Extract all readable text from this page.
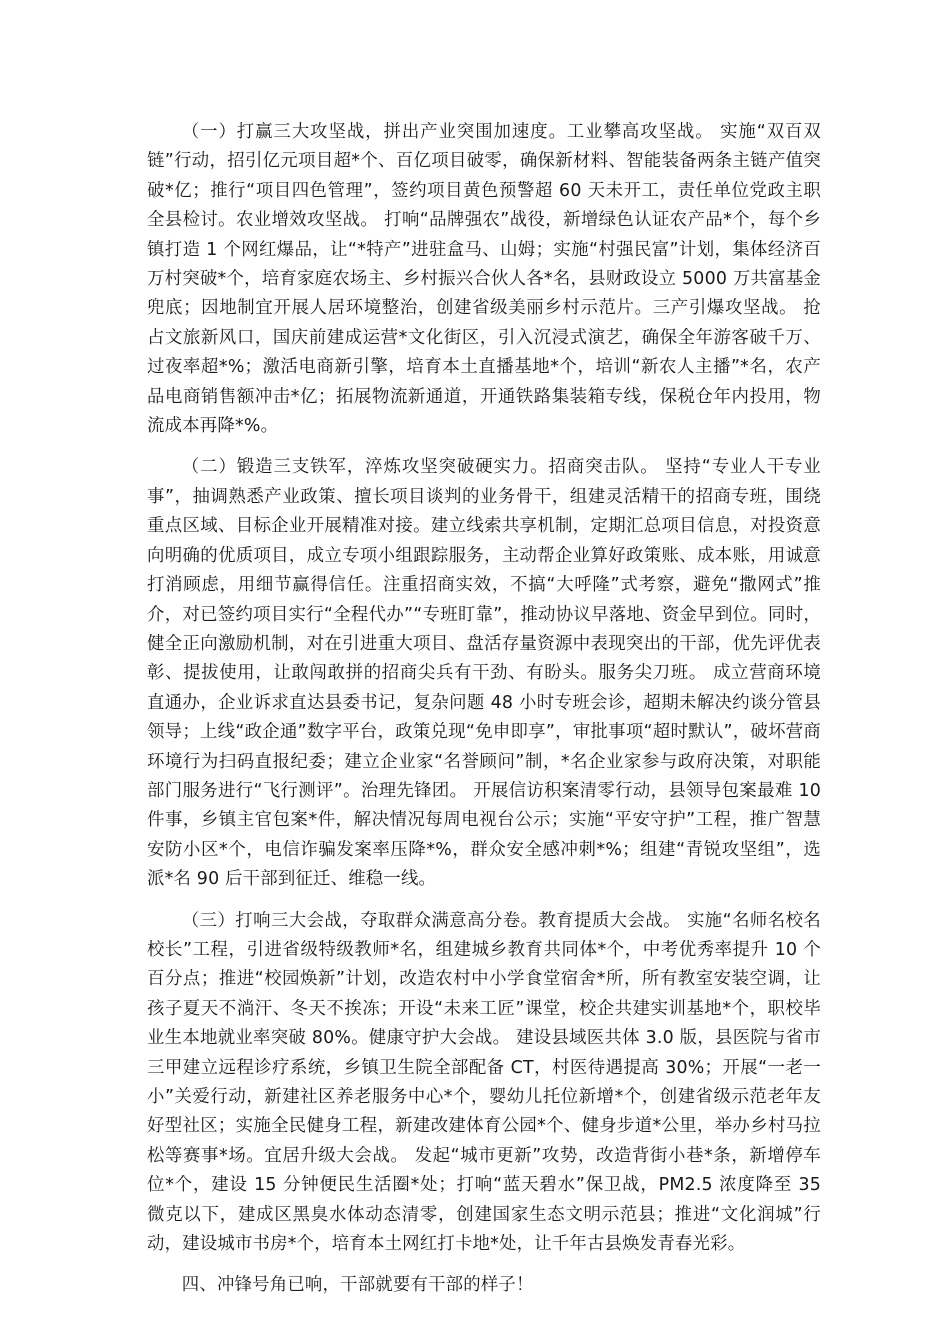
（一）打赢三大攻坚战，拼出产业突围加速度。工业攀高攻坚战。 实施“双百双链”行动，招引亿元项目超*个、百亿项目破零，确保新材料、智能装备两条主链产值突破*亿；推行“项目四色管理”，签约项目黄色预警超 60 天未开工，责任单位党政主职全县检讨。农业增效攻坚战。 打响“品牌强农”战役，新增绿色认证农产品*个，每个乡镇打造 1 个网红爆品，让“*特产”进驻盒马、山姆；实施“村强民富”计划，集体经济百万村突破*个，培育家庭农场主、乡村振兴合伙人各*名，县财政设立 5000 万共富基金兜底；因地制宜开展人居环境整治，创建省级美丽乡村示范片。三产引爆攻坚战。 抢占文旅新风口，国庆前建成运营*文化街区，引入沉浸式演艺，确保全年游客破千万、过夜率超*%；激活电商新引擎，培育本土直播基地*个，培训“新农人主播”*名，农产品电商销售额冲击*亿；拓展物流新通道，开通铁路集装箱专线，保税仓年内投用，物流成本再降*%。

（二）锻造三支铁军，淬炼攻坚突破硬实力。招商突击队。 坚持“专业人干专业事”，抽调熟悉产业政策、擅长项目谈判的业务骨干，组建灵活精干的招商专班，围绕重点区域、目标企业开展精准对接。建立线索共享机制，定期汇总项目信息，对投资意向明确的优质项目，成立专项小组跟踪服务，主动帮企业算好政策账、成本账，用诚意打消顾虑，用细节赢得信任。注重招商实效，不搞“大呼隆”式考察，避免“撒网式”推介，对已签约项目实行“全程代办”“专班盯靠”，推动协议早落地、资金早到位。同时，健全正向激励机制，对在引进重大项目、盘活存量资源中表现突出的干部，优先评优表彰、提拔使用，让敢闯敢拼的招商尖兵有干劲、有盼头。服务尖刀班。 成立营商环境直通办，企业诉求直达县委书记，复杂问题 48 小时专班会诊，超期未解决约谈分管县领导；上线“政企通”数字平台，政策兑现“免申即享”，审批事项“超时默认”，破坏营商环境行为扫码直报纪委；建立企业家“名誉顾问”制，*名企业家参与政府决策，对职能部门服务进行“飞行测评”。治理先锋团。 开展信访积案清零行动，县领导包案最难 10 件事，乡镇主官包案*件，解决情况每周电视台公示；实施“平安守护”工程，推广智慧安防小区*个，电信诈骗发案率压降*%，群众安全感冲刺*%；组建“青锐攻坚组”，选派*名 90 后干部到征迁、维稳一线。

（三）打响三大会战，夺取群众满意高分卷。教育提质大会战。 实施“名师名校名校长”工程，引进省级特级教师*名，组建城乡教育共同体*个，中考优秀率提升 10 个百分点；推进“校园焕新”计划，改造农村中小学食堂宿舍*所，所有教室安装空调，让孩子夏天不淌汗、冬天不挨冻；开设“未来工匠”课堂，校企共建实训基地*个，职校毕业生本地就业率突破 80%。健康守护大会战。 建设县域医共体 3.0 版，县医院与省市三甲建立远程诊疗系统，乡镇卫生院全部配备 CT，村医待遇提高 30%；开展“一老一小”关爱行动，新建社区养老服务中心*个，婴幼儿托位新增*个，创建省级示范老年友好型社区；实施全民健身工程，新建改建体育公园*个、健身步道*公里，举办乡村马拉松等赛事*场。宜居升级大会战。 发起“城市更新”攻势，改造背街小巷*条，新增停车位*个，建设 15 分钟便民生活圈*处；打响“蓝天碧水”保卫战，PM2.5 浓度降至 35 微克以下，建成区黑臭水体动态清零，创建国家生态文明示范县；推进“文化润城”行动，建设城市书房*个，培育本土网红打卡地*处，让千年古县焕发青春光彩。

四、冲锋号角已响，干部就要有干部的样子！
